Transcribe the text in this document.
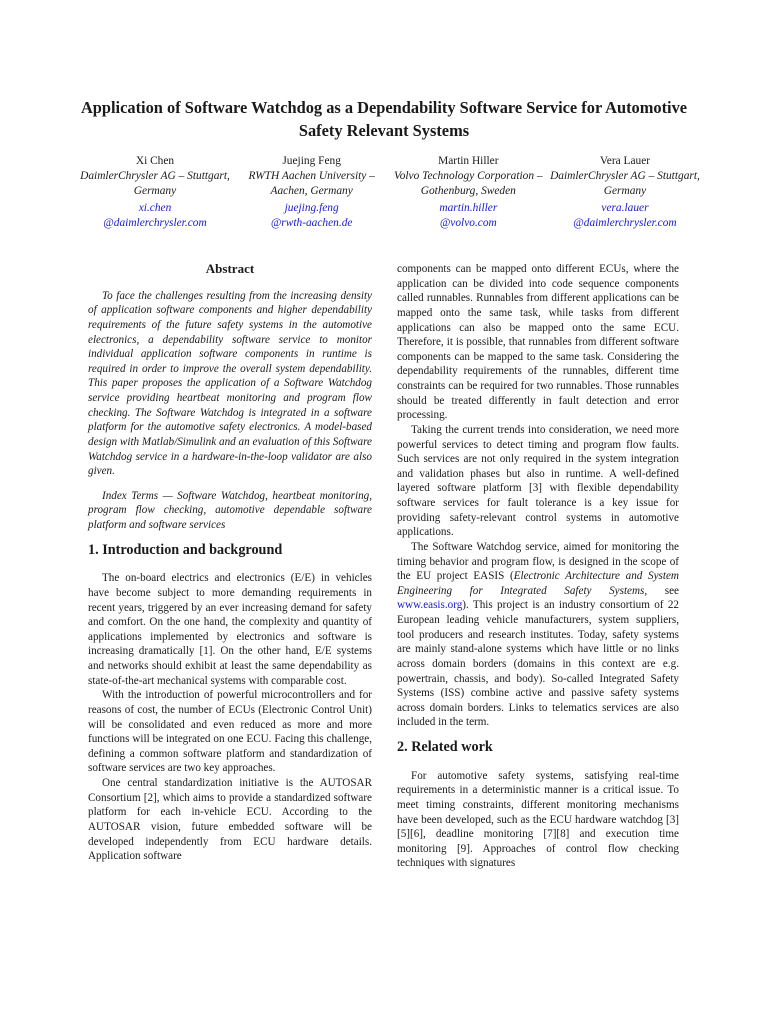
Application of Software Watchdog as a Dependability Software Service for Automotive Safety Relevant Systems
Xi Chen
DaimlerChrysler AG – Stuttgart, Germany
xi.chen
@daimlerchrysler.com
Juejing Feng
RWTH Aachen University – Aachen, Germany
juejing.feng
@rwth-aachen.de
Martin Hiller
Volvo Technology Corporation – Gothenburg, Sweden
martin.hiller
@volvo.com
Vera Lauer
DaimlerChrysler AG – Stuttgart, Germany
vera.lauer
@daimlerchrysler.com
Abstract

To face the challenges resulting from the increasing density of application software components and higher dependability requirements of the future safety systems in the automotive electronics, a dependability software service to monitor individual application software components in runtime is required in order to improve the overall system dependability. This paper proposes the application of a Software Watchdog service providing heartbeat monitoring and program flow checking. The Software Watchdog is integrated in a software platform for the automotive safety electronics. A model-based design with Matlab/Simulink and an evaluation of this Software Watchdog service in a hardware-in-the-loop validator are also given.

Index Terms — Software Watchdog, heartbeat monitoring, program flow checking, automotive dependable software platform and software services

1. Introduction and background

The on-board electrics and electronics (E/E) in vehicles have become subject to more demanding requirements in recent years, triggered by an ever increasing demand for safety and comfort. On the one hand, the complexity and quantity of applications implemented by electronics and software is increasing dramatically [1]. On the other hand, E/E systems and networks should exhibit at least the same dependability as state-of-the-art mechanical systems with comparable cost.

With the introduction of powerful microcontrollers and for reasons of cost, the number of ECUs (Electronic Control Unit) will be consolidated and even reduced as more and more functions will be integrated on one ECU. Facing this challenge, defining a common software platform and standardization of software services are two key approaches.

One central standardization initiative is the AUTOSAR Consortium [2], which aims to provide a standardized software platform for each in-vehicle ECU. According to the AUTOSAR vision, future embedded software will be developed independently from ECU hardware details. Application software

components can be mapped onto different ECUs, where the application can be divided into code sequence components called runnables. Runnables from different applications can be mapped onto the same task, while tasks from different applications can also be mapped onto the same ECU. Therefore, it is possible, that runnables from different software components can be mapped to the same task. Considering the dependability requirements of the runnables, different time constraints can be required for two runnables. Those runnables should be treated differently in fault detection and error processing.

Taking the current trends into consideration, we need more powerful services to detect timing and program flow faults. Such services are not only required in the system integration and validation phases but also in runtime. A well-defined layered software platform [3] with flexible dependability software services for fault tolerance is a key issue for providing safety-relevant control systems in automotive applications.

The Software Watchdog service, aimed for monitoring the timing behavior and program flow, is designed in the scope of the EU project EASIS (Electronic Architecture and System Engineering for Integrated Safety Systems, see www.easis.org). This project is an industry consortium of 22 European leading vehicle manufacturers, system suppliers, tool producers and research institutes. Today, safety systems are mainly stand-alone systems which have little or no links across domain borders (domains in this context are e.g. powertrain, chassis, and body). So-called Integrated Safety Systems (ISS) combine active and passive safety systems across domain borders. Links to telematics services are also included in the term.

2. Related work

For automotive safety systems, satisfying real-time requirements in a deterministic manner is a critical issue. To meet timing constraints, different monitoring mechanisms have been developed, such as the ECU hardware watchdog [3][5][6], deadline monitoring [7][8] and execution time monitoring [9]. Approaches of control flow checking techniques with signatures
